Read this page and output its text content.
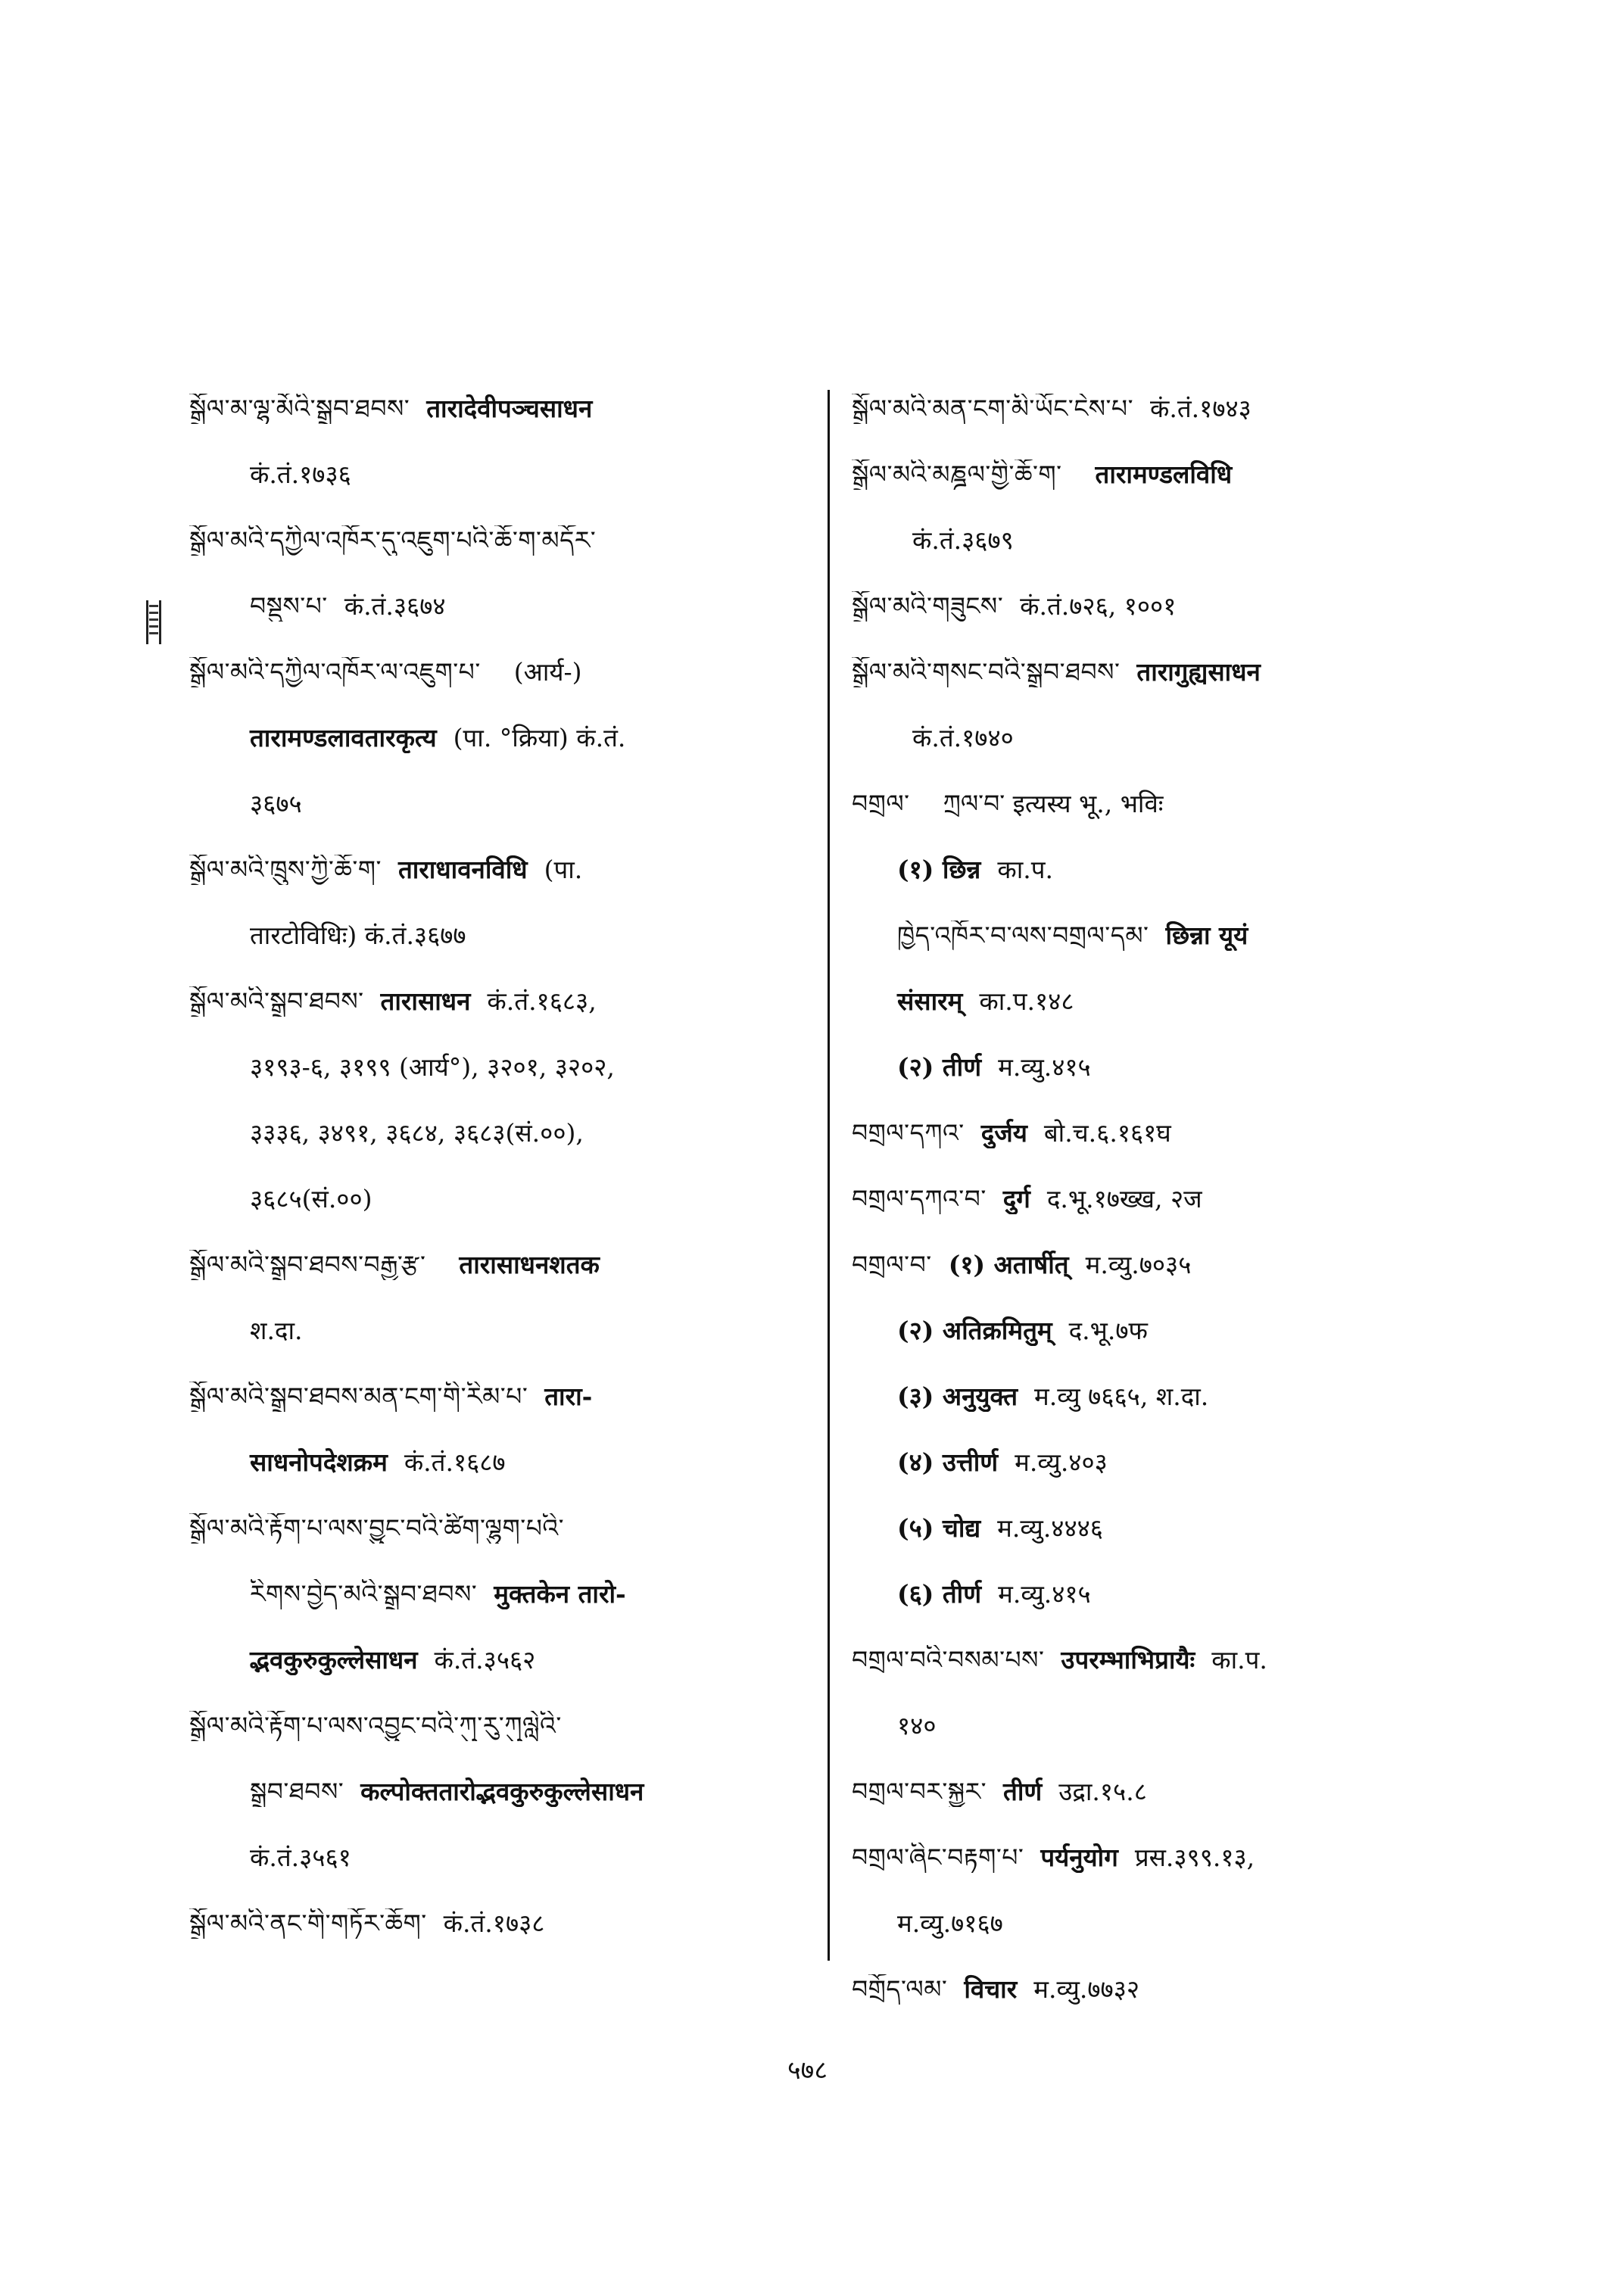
སྒྲོལ་མ་ལྷ་མོའི་སྒྲུབ་ཐབས་ तारादेवीपञ्चसाधन
कं.तं.१७३६
སྒྲོལ་མའི་དཀྱིལ་འཁོར་དུ་འཇུག་པའི་ཆོ་ག་མདོར་
བསྡུས་པ་ कं.तं.३६७४
སྒྲོལ་མའི་དཀྱིལ་འཁོར་ལ་འཇུག་པ་ (आर्य-)
तारामण्डलावतारकृत्य (पा. °क्रिया) कं.तं.
३६७५
སྒྲོལ་མའི་ཁྲུས་ཀྱི་ཆོ་ག་ ताराधावनविधि (पा.
तारटोविधिः) कं.तं.३६७७
སྒྲོལ་མའི་སྒྲུབ་ཐབས་ तारासाधन कं.तं.१६८३,
३१९३-६, ३१९९ (आर्य°), ३२०१, ३२०२,
३३३६, ३४९१, ३६८४, ३६८३(सं.००),
३६८५(सं.००)
སྒྲོལ་མའི་སྒྲུབ་ཐབས་བརྒྱ་རྩ་ तारासाधनशतक
श.दा.
སྒྲོལ་མའི་སྒྲུབ་ཐབས་མན་ངག་གི་རིམ་པ་ तारा-
साधनोपदेशक्रम कं.तं.१६८७
སྒྲོལ་མའི་རྟོག་པ་ལས་བྱུང་བའི་ཚིག་ལྷུག་པའི་
རིགས་བྱེད་མའི་སྒྲུབ་ཐབས་ मुक्तकेन तारो-
द्भवकुरुकुल्लेसाधन कं.तं.३५६२
སྒྲོལ་མའི་རྟོག་པ་ལས་འབྱུང་བའི་ཀུ་རུ་ཀུལླེའི་
སྒྲུབ་ཐབས་ कल्पोक्ततारोद्भवकुरुकुल्लेसाधन
कं.तं.३५६१
སྒྲོལ་མའི་ནང་གི་གཏོར་ཆོག་ कं.तं.१७३८
སྒྲོལ་མའི་མན་ངག་མི་ཡོང་ངེས་པ་ कं.तं.१७४३
སྒྲོལ་མའི་མཎྜལ་གྱི་ཆོ་ག་ तारामण्डलविधि
कं.तं.३६७९
སྒྲོལ་མའི་གཟུངས་ कं.तं.७२६, १००१
སྒྲོལ་མའི་གསང་བའི་སྒྲུབ་ཐབས་ तारागुह्यसाधन
कं.तं.१७४०
བགྲལ་ ཀྲལ་བ་ इत्यस्य भू., भविः
(१) छिन्न का.प.
ཁྱེད་འཁོར་བ་ལས་བགྲལ་དམ་ छिन्ना यूयं
संसारम् का.प.१४८
(२) तीर्ण म.व्यु.४१५
བགྲལ་དཀའ་ दुर्जय बो.च.६.१६१घ
བགྲལ་དཀའ་བ་ दुर्ग द.भू.१७ख्ख, २ज
བགྲལ་བ་ (१) अतार्षीत् म.व्यु.७०३५
(२) अतिक्रमितुम् द.भू.७फ
(३) अनुयुक्त म.व्यु ७६६५, श.दा.
(४) उत्तीर्ण म.व्यु.४०३
(५) चोद्य म.व्यु.४४४६
(६) तीर्ण म.व्यु.४१५
བགྲལ་བའི་བསམ་པས་ उपरम्भाभिप्रायैः का.प.
१४०
བགྲལ་བར་སྐྱུར་ तीर्ण उद्रा.१५.८
བགྲལ་ཞིང་བརྟག་པ་ पर्यनुयोग प्रस.३९९.१३,
म.व्यु.७१६७
བགྲོད་ལམ་ विचार म.व्यु.७७३२
५७८
